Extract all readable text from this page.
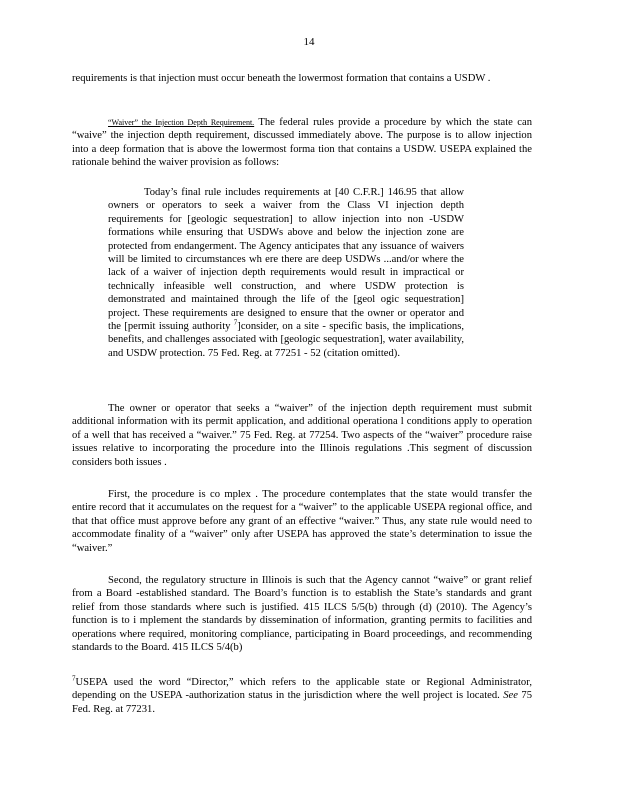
14

requirements is that injection must occur beneath the lowermost formation that contains a USDW .

“Waiver” the Injection Depth Requirement. The federal rules provide a procedure by which the state can “waive” the injection depth requirement, discussed immediately above. The purpose is to allow injection into a deep formation that is above the lowermost forma tion that contains a USDW. USEPA explained the rationale behind the waiver provision as follows:

Today’s final rule includes requirements at [40 C.F.R.] 146.95 that allow owners or operators to seek a waiver from the Class VI injection depth requirements for [geologic sequestration] to allow injection into non -USDW formations while ensuring that USDWs above and below the injection zone are protected from endangerment. The Agency anticipates that any issuance of waivers will be limited to circumstances wh ere there are deep USDWs ...and/or where the lack of a waiver of injection depth requirements would result in impractical or technically infeasible well construction, and where USDW protection is demonstrated and maintained through the life of the [geol ogic sequestration] project. These requirements are designed to ensure that the owner or operator and the [permit issuing authority $^7$]consider, on a site - specific basis, the implications, benefits, and challenges associated with [geologic sequestration], water availability, and USDW protection. 75 Fed. Reg. at 77251 - 52 (citation omitted).

The owner or operator that seeks a “waiver” of the injection depth requirement must submit additional information with its permit application, and additional operationa l conditions apply to operation of a well that has received a “waiver.” 75 Fed. Reg. at 77254. Two aspects of the “waiver” procedure raise issues relative to incorporating the procedure into the Illinois regulations .This segment of discussion considers both issues .

First, the procedure is co mplex . The procedure contemplates that the state would transfer the entire record that it accumulates on the request for a “waiver” to the applicable USEPA regional office, and that that office must approve before any grant of an effective “waiver.” Thus, any state rule would need to accommodate finality of a “waiver” only after USEPA has approved the state’s determination to issue the “waiver.”

Second, the regulatory structure in Illinois is such that the Agency cannot “waive” or grant relief from a Board -established standard. The Board’s function is to establish the State’s standards and grant relief from those standards where such is justified. 415 ILCS 5/5(b) through (d) (2010). The Agency’s function is to i mplement the standards by dissemination of information, granting permits to facilities and operations where required, monitoring compliance, participating in Board proceedings, and recommending standards to the Board. 415 ILCS 5/4(b)

$^7$USEPA used the word “Director,” which refers to the applicable state or Regional Administrator, depending on the USEPA -authorization status in the jurisdiction where the well project is located. See 75 Fed. Reg. at 77231.
